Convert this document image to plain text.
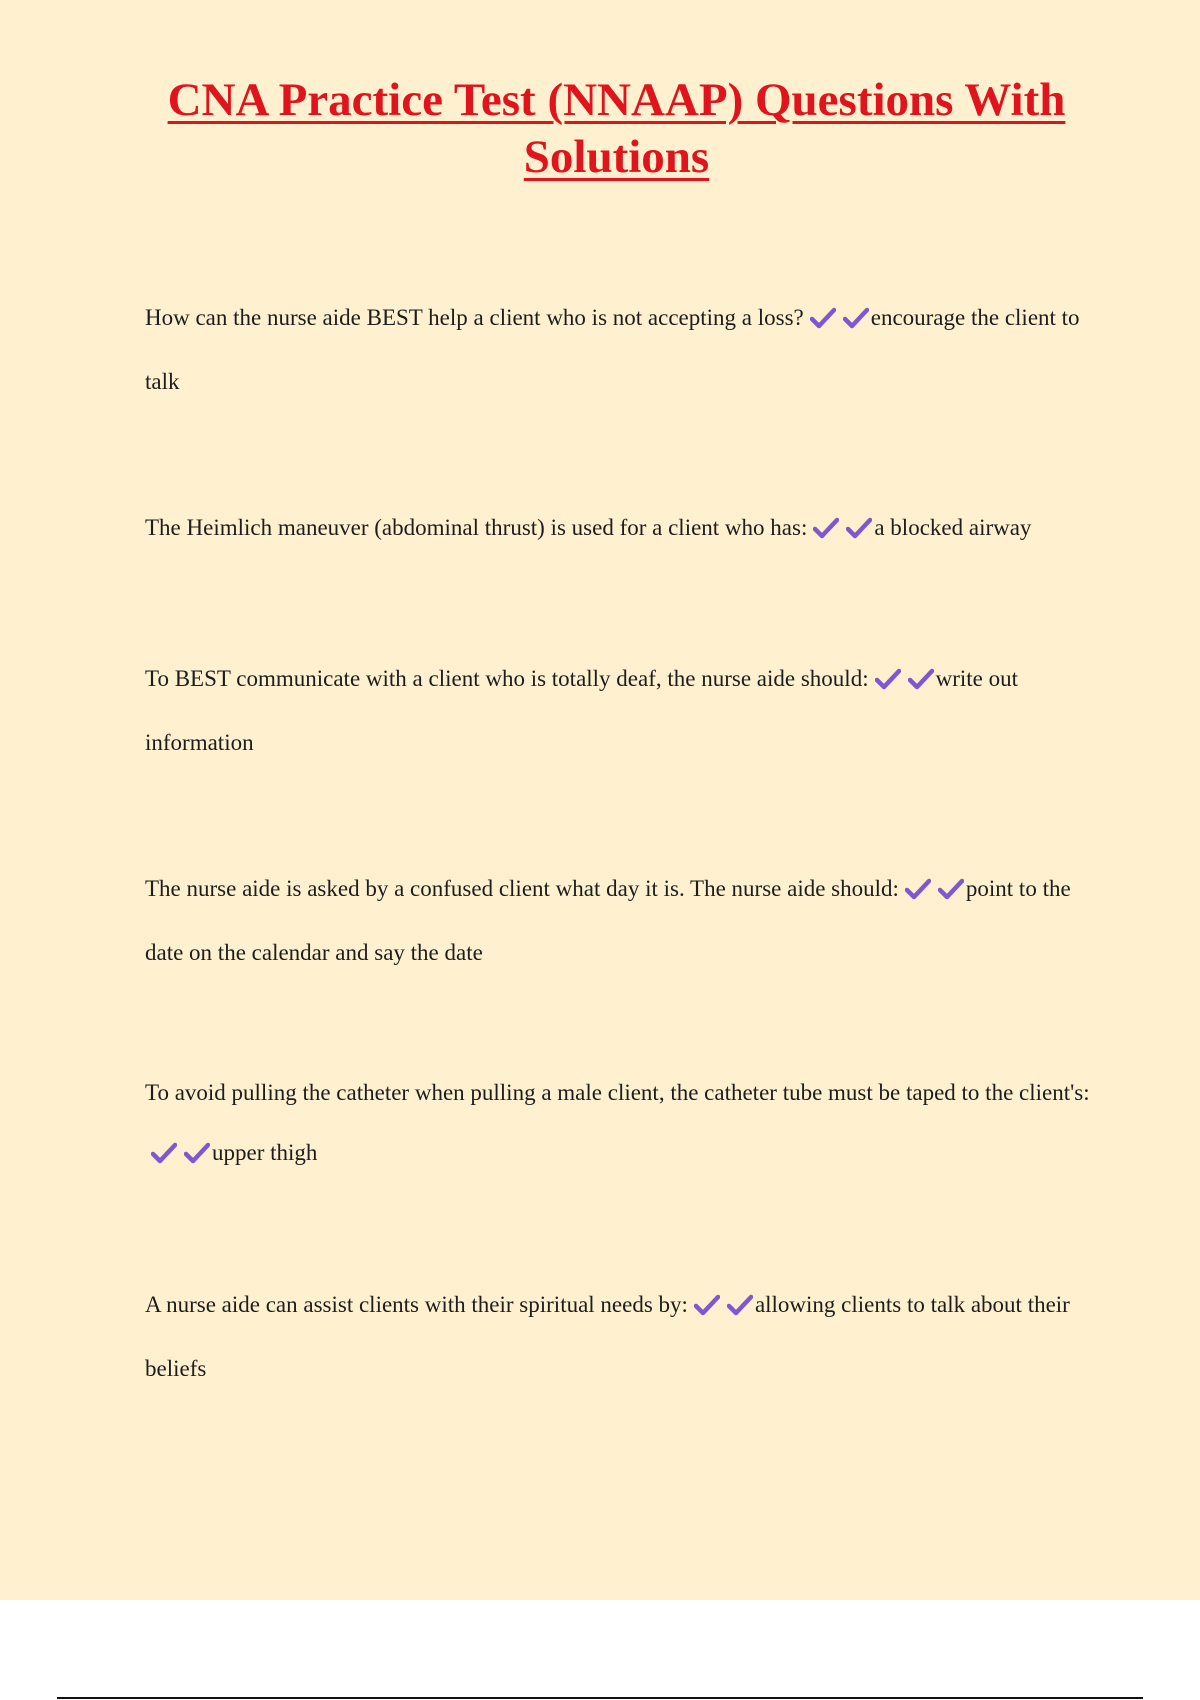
CNA Practice Test (NNAAP) Questions With Solutions

How can the nurse aide BEST help a client who is not accepting a loss?	encourage the client to talk

The Heimlich maneuver (abdominal thrust) is used for a client who has:	a blocked airway

To BEST communicate with a client who is totally deaf, the nurse aide should:	write out information

The nurse aide is asked by a confused client what day it is. The nurse aide should:	point to the date on the calendar and say the date

To avoid pulling the catheter when pulling a male client, the catheter tube must be taped to the client's:upper thigh

A nurse aide can assist clients with their spiritual needs by:	allowing clients to talk about their beliefs
